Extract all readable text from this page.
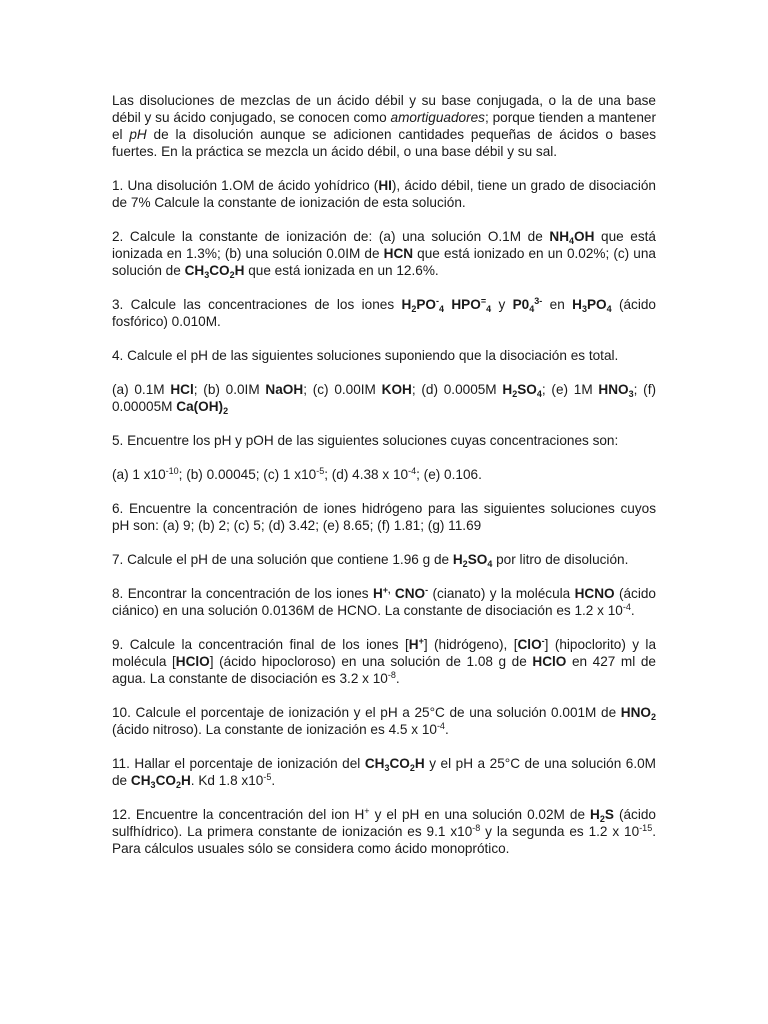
Las disoluciones de mezclas de un ácido débil y su base conjugada, o la de una base débil y su ácido conjugado, se conocen como amortiguadores; porque tienden a mantener el pH de la disolución aunque se adicionen cantidades pequeñas de ácidos o bases fuertes. En la práctica se mezcla un ácido débil, o una base débil y su sal.

1. Una disolución 1.OM de ácido yohídrico (HI), ácido débil, tiene un grado de disociación de 7% Calcule la constante de ionización de esta solución.

2. Calcule la constante de ionización de: (a) una solución O.1M de $NH_4OH$ que está ionizada en 1.3%; (b) una solución 0.0IM de HCN que está ionizado en un 0.02%; (c) una solución de $CH_3CO_2H$ que está ionizada en un 12.6%.

3. Calcule las concentraciones de los iones $H_2PO^-_4$ $HPO^=_4$ y $P0_4^{3-}$ en $H_3PO_4$ (ácido fosfórico) 0.010M.

4. Calcule el pH de las siguientes soluciones suponiendo que la disociación es total.

(a) 0.1M HCl; (b) 0.0IM NaOH; (c) 0.00IM KOH; (d) 0.0005M $H_2SO_4$; (e) 1M $HNO_3$; (f) 0.00005M $Ca(OH)_2$

5. Encuentre los pH y pOH de las siguientes soluciones cuyas concentraciones son:

(a) 1 $x10^{-10}$; (b) 0.00045; (c) 1 $x10^{-5}$; (d) 4.38 x $10^{-4}$; (e) 0.106.

6. Encuentre la concentración de iones hidrógeno para las siguientes soluciones cuyos pH son: (a) 9; (b) 2; (c) 5; (d) 3.42; (e) 8.65; (f) 1.81; (g) 11.69

7. Calcule el pH de una solución que contiene 1.96 g de $H_2SO_4$ por litro de disolución.

8. Encontrar la concentración de los iones H+, CNO- (cianato) y la molécula HCNO (ácido ciánico) en una solución 0.0136M de HCNO. La constante de disociación es 1.2 x $10^{-4}$.

9. Calcule la concentración final de los iones [H+] (hidrógeno), [ClO-] (hipoclorito) y la molécula [HClO] (ácido hipocloroso) en una solución de 1.08 g de HClO en 427 ml de agua. La constante de disociación es 3.2 x $10^{-8}$.

10. Calcule el porcentaje de ionización y el pH a 25°C de una solución 0.001M de $HNO_2$ (ácido nitroso). La constante de ionización es 4.5 x $10^{-4}$.

11. Hallar el porcentaje de ionización del $CH_3CO_2H$ y el pH a 25°C de una solución 6.0M de $CH_3CO_2H$. Kd 1.8 $x10^{-5}$.

12. Encuentre la concentración del ion H+ y el pH en una solución 0.02M de $H_2S$ (ácido sulfhídrico). La primera constante de ionización es 9.1 $x10^{-8}$ y la segunda es 1.2 x $10^{-15}$. Para cálculos usuales sólo se considera como ácido monoprótico.
